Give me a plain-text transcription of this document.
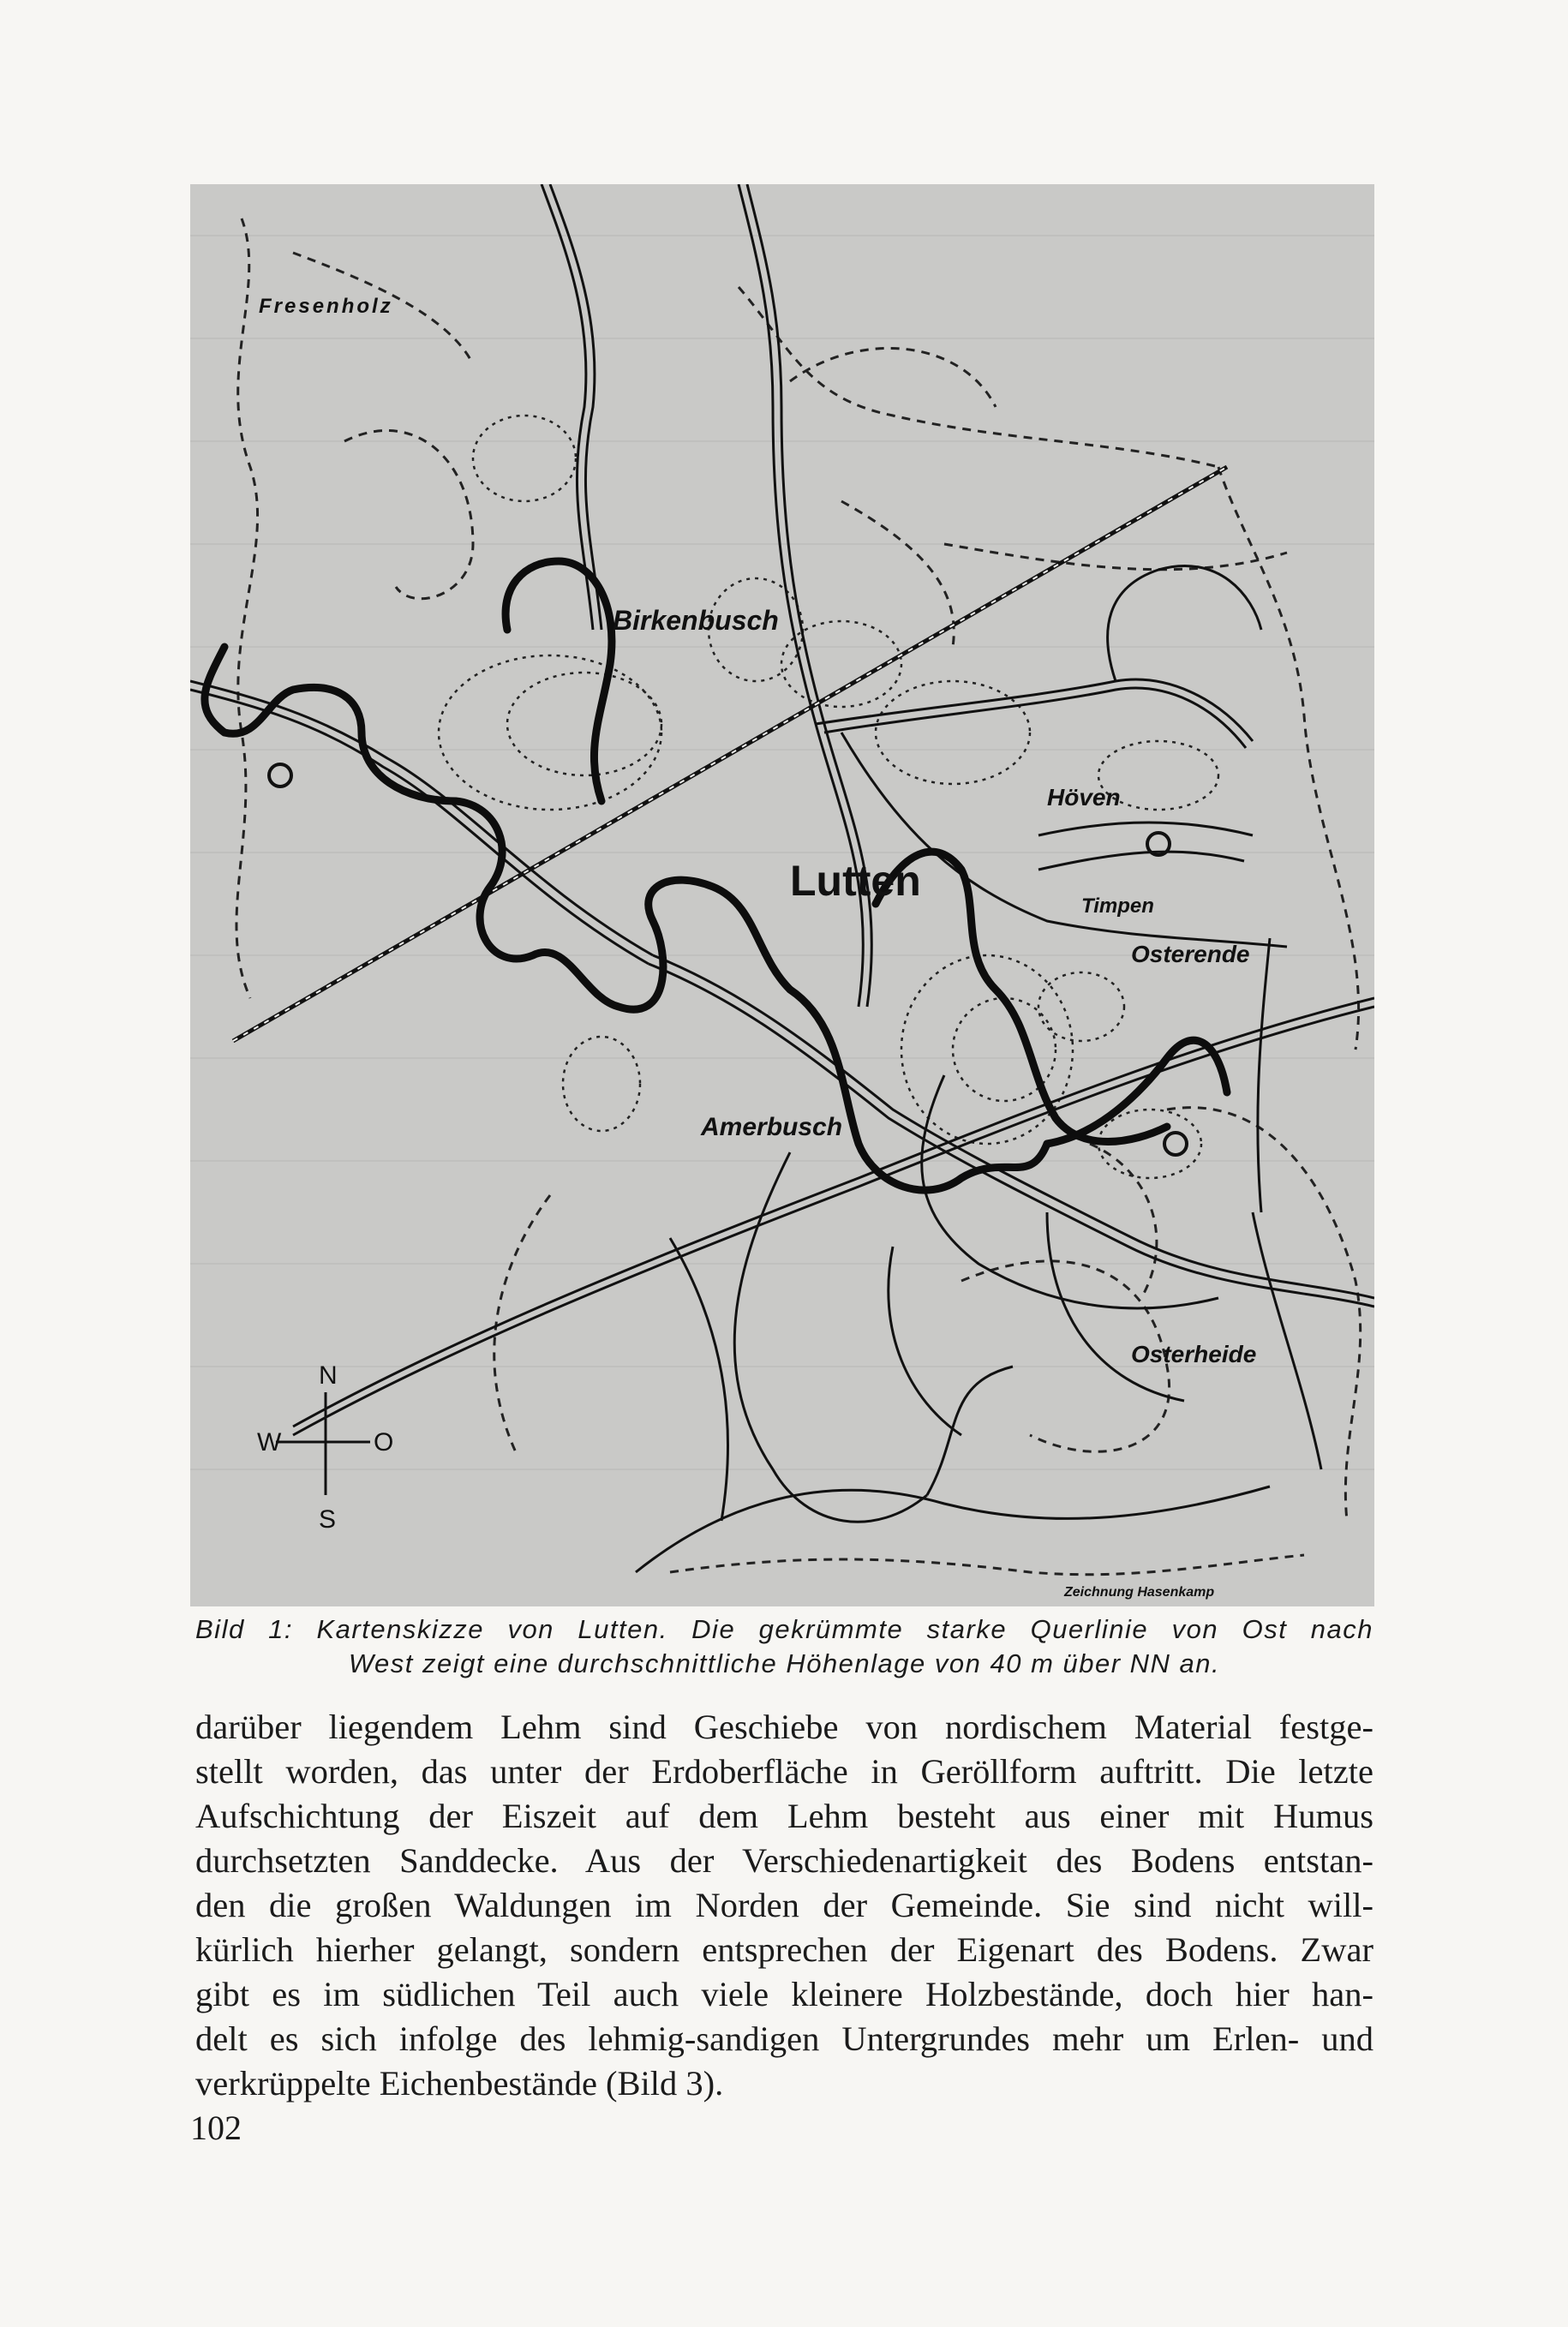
Fresenholz
Birkenbusch
Höven
Lutten
Timpen
Osterende
Amerbusch
Osterheide
Zeichnung Hasenkamp
N
W	O
S
Bild 1: Kartenskizze von Lutten. Die gekrümmte starke Querlinie von Ost nach
West zeigt eine durchschnittliche Höhenlage von 40 m über NN an.
darüber liegendem Lehm sind Geschiebe von nordischem Material festge-
stellt worden, das unter der Erdoberfläche in Geröllform auftritt. Die letzte
Aufschichtung der Eiszeit auf dem Lehm besteht aus einer mit Humus
durchsetzten Sanddecke. Aus der Verschiedenartigkeit des Bodens entstan-
den die großen Waldungen im Norden der Gemeinde. Sie sind nicht will-
kürlich hierher gelangt, sondern entsprechen der Eigenart des Bodens. Zwar
gibt es im südlichen Teil auch viele kleinere Holzbestände, doch hier han-
delt es sich infolge des lehmig-sandigen Untergrundes mehr um Erlen- und
verkrüppelte Eichenbestände (Bild 3).
102
